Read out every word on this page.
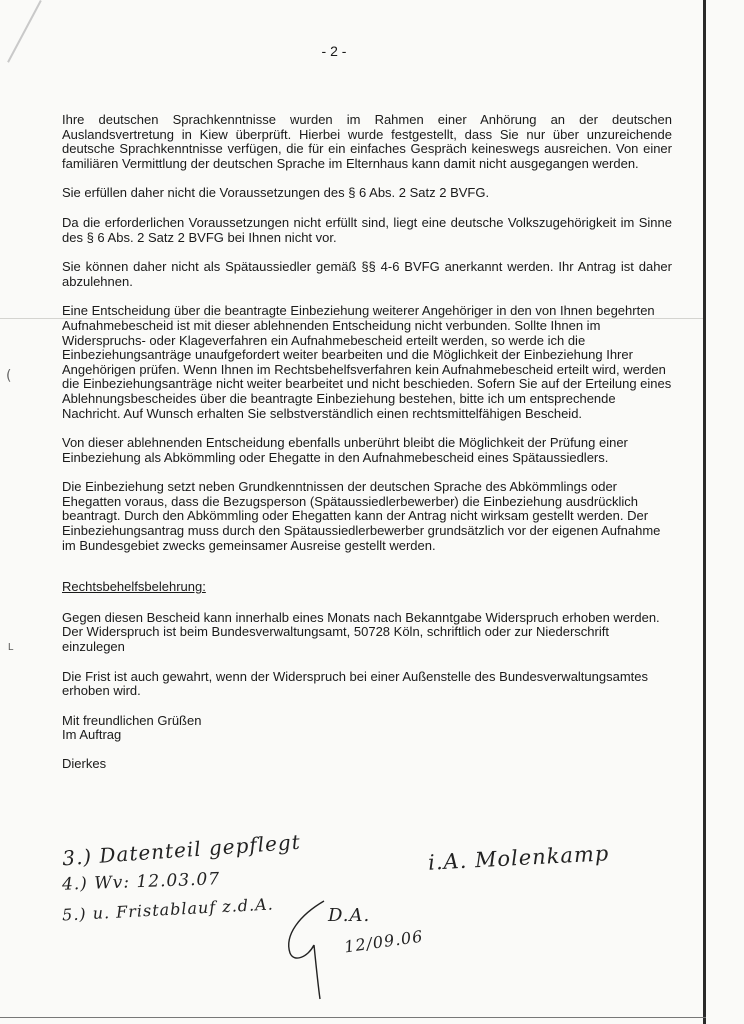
(
L
- 2 -

Ihre deutschen Sprachkenntnisse wurden im Rahmen einer Anhörung an der deutschen Auslandsvertretung in Kiew überprüft. Hierbei wurde festgestellt, dass Sie nur über unzureichende deutsche Sprachkenntnisse verfügen, die für ein einfaches Gespräch keineswegs ausreichen. Von einer familiären Vermittlung der deutschen Sprache im Elternhaus kann damit nicht ausgegangen werden.

Sie erfüllen daher nicht die Voraussetzungen des § 6 Abs. 2 Satz 2 BVFG.

Da die erforderlichen Voraussetzungen nicht erfüllt sind, liegt eine deutsche Volkszugehörigkeit im Sinne des § 6 Abs. 2 Satz 2 BVFG bei Ihnen nicht vor.

Sie können daher nicht als Spätaussiedler gemäß §§ 4-6 BVFG anerkannt werden. Ihr Antrag ist daher abzulehnen.

Eine Entscheidung über die beantragte Einbeziehung weiterer Angehöriger in den von Ihnen begehrten Aufnahmebescheid ist mit dieser ablehnenden Entscheidung nicht verbunden. Sollte Ihnen im Widerspruchs- oder Klageverfahren ein Aufnahmebescheid erteilt werden, so werde ich die Einbeziehungsanträge unaufgefordert weiter bearbeiten und die Möglichkeit der Einbeziehung Ihrer Angehörigen prüfen. Wenn Ihnen im Rechtsbehelfsverfahren kein Aufnahmebescheid erteilt wird, werden die Einbeziehungsanträge nicht weiter bearbeitet und nicht beschieden. Sofern Sie auf der Erteilung eines Ablehnungsbescheides über die beantragte Einbeziehung bestehen, bitte ich um entsprechende Nachricht. Auf Wunsch erhalten Sie selbstverständlich einen rechtsmittelfähigen Bescheid.

Von dieser ablehnenden Entscheidung ebenfalls unberührt bleibt die Möglichkeit der Prüfung einer Einbeziehung als Abkömmling oder Ehegatte in den Aufnahmebescheid eines Spätaussiedlers.

Die Einbeziehung setzt neben Grundkenntnissen der deutschen Sprache des Abkömmlings oder Ehegatten voraus, dass die Bezugsperson (Spätaussiedlerbewerber) die Einbeziehung ausdrücklich beantragt. Durch den Abkömmling oder Ehegatten kann der Antrag nicht wirksam gestellt werden. Der Einbeziehungsantrag muss durch den Spätaussiedlerbewerber grundsätzlich vor der eigenen Aufnahme im Bundesgebiet zwecks gemeinsamer Ausreise gestellt werden.

Rechtsbehelfsbelehrung:

Gegen diesen Bescheid kann innerhalb eines Monats nach Bekanntgabe Widerspruch erhoben werden. Der Widerspruch ist beim Bundesverwaltungsamt, 50728 Köln, schriftlich oder zur Niederschrift einzulegen

Die Frist ist auch gewahrt, wenn der Widerspruch bei einer Außenstelle des Bundesverwaltungsamtes erhoben wird.

Mit freundlichen Grüßen

Im Auftrag

Dierkes

3.) Datenteil gepflegt
4.) Wv: 12.03.07
5.) u. Fristablauf z.d.A.
i.A. Molenkamp
D.A.
12/09.06
